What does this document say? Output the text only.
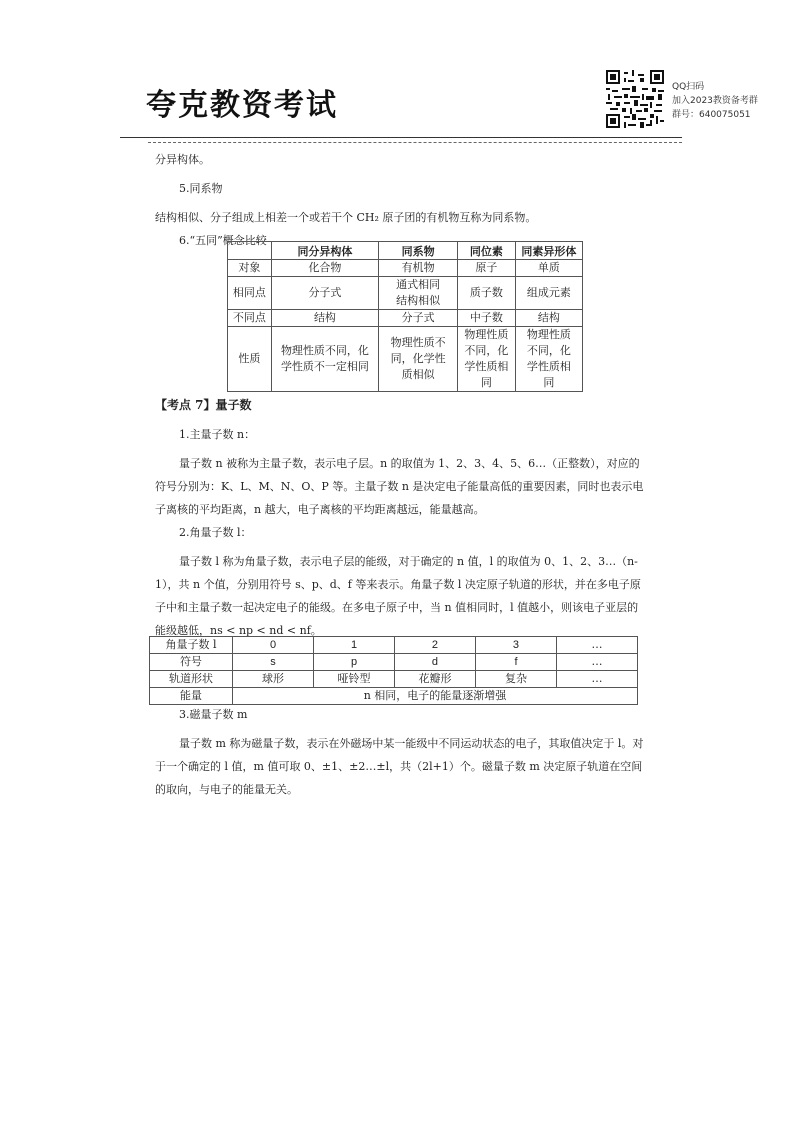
夸克教资考试
QQ扫码
加入2023教资备考群
群号：640075051

分异构体。

5.同系物

结构相似、分子组成上相差一个或若干个 CH₂ 原子团的有机物互称为同系物。

6.“五同”概念比较

	同分异构体	同系物	同位素	同素异形体
对象	化合物	有机物	原子	单质
相同点	分子式	通式相同结构相似	质子数	组成元素
不同点	结构	分子式	中子数	结构
性质	物理性质不同，化学性质不一定相同	物理性质不同，化学性质相似	物理性质不同，化学性质相同	物理性质不同，化学性质相同

【考点 7】量子数

1.主量子数 n：

量子数 n 被称为主量子数，表示电子层。n 的取值为 1、2、3、4、5、6…（正整数），对应的符号分别为：K、L、M、N、O、P 等。主量子数 n 是决定电子能量高低的重要因素，同时也表示电子离核的平均距离，n 越大，电子离核的平均距离越远，能量越高。

2.角量子数 l：

量子数 l 称为角量子数，表示电子层的能级，对于确定的 n 值，l 的取值为 0、1、2、3…（n-1），共 n 个值，分别用符号 s、p、d、f 等来表示。角量子数 l 决定原子轨道的形状，并在多电子原子中和主量子数一起决定电子的能级。在多电子原子中，当 n 值相同时，l 值越小，则该电子亚层的能级越低，ns < np < nd < nf。

角量子数 l	0	1	2	3	…
符号	s	p	d	f	…
轨道形状	球形	哑铃型	花瓣形	复杂	…
能量	n 相同，电子的能量逐渐增强				

3.磁量子数 m

量子数 m 称为磁量子数，表示在外磁场中某一能级中不同运动状态的电子，其取值决定于 l。对于一个确定的 l 值，m 值可取 0、±1、±2…±l，共（2l+1）个。磁量子数 m 决定原子轨道在空间的取向，与电子的能量无关。
